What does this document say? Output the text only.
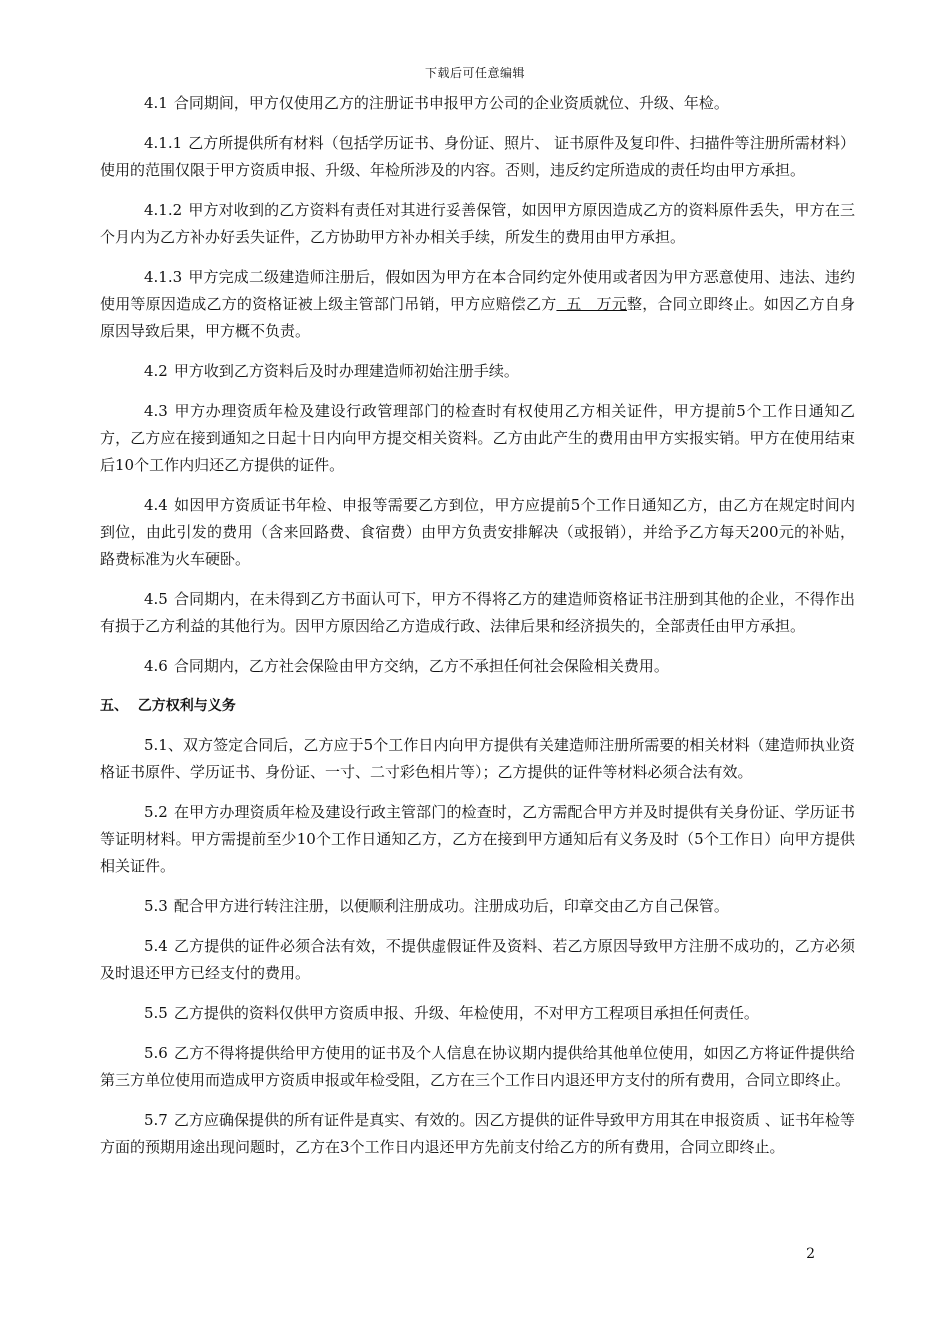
下载后可任意编辑

4.1 合同期间，甲方仅使用乙方的注册证书申报甲方公司的企业资质就位、升级、年检。

4.1.1 乙方所提供所有材料（包括学历证书、身份证、照片、 证书原件及复印件、扫描件等注册所需材料）使用的范围仅限于甲方资质申报、升级、年检所涉及的内容。否则，违反约定所造成的责任均由甲方承担。

4.1.2 甲方对收到的乙方资料有责任对其进行妥善保管，如因甲方原因造成乙方的资料原件丢失，甲方在三个月内为乙方补办好丢失证件，乙方协助甲方补办相关手续，所发生的费用由甲方承担。

4.1.3 甲方完成二级建造师注册后，假如因为甲方在本合同约定外使用或者因为甲方恶意使用、违法、违约使用等原因造成乙方的资格证被上级主管部门吊销，甲方应赔偿乙方  五   万元整，合同立即终止。如因乙方自身原因导致后果，甲方概不负责。

4.2 甲方收到乙方资料后及时办理建造师初始注册手续。

4.3 甲方办理资质年检及建设行政管理部门的检查时有权使用乙方相关证件，甲方提前5个工作日通知乙方，乙方应在接到通知之日起十日内向甲方提交相关资料。乙方由此产生的费用由甲方实报实销。甲方在使用结束后10个工作内归还乙方提供的证件。

4.4 如因甲方资质证书年检、申报等需要乙方到位，甲方应提前5个工作日通知乙方，由乙方在规定时间内到位，由此引发的费用（含来回路费、食宿费）由甲方负责安排解决（或报销），并给予乙方每天200元的补贴，路费标准为火车硬卧。

4.5 合同期内，在未得到乙方书面认可下，甲方不得将乙方的建造师资格证书注册到其他的企业，不得作出有损于乙方利益的其他行为。因甲方原因给乙方造成行政、法律后果和经济损失的，全部责任由甲方承担。

4.6 合同期内，乙方社会保险由甲方交纳，乙方不承担任何社会保险相关费用。

五、  乙方权利与义务

5.1、双方签定合同后，乙方应于5个工作日内向甲方提供有关建造师注册所需要的相关材料（建造师执业资格证书原件、学历证书、身份证、一寸、二寸彩色相片等）；乙方提供的证件等材料必须合法有效。

5.2 在甲方办理资质年检及建设行政主管部门的检查时，乙方需配合甲方并及时提供有关身份证、学历证书等证明材料。甲方需提前至少10个工作日通知乙方，乙方在接到甲方通知后有义务及时（5个工作日）向甲方提供相关证件。

5.3 配合甲方进行转注注册，以便顺利注册成功。注册成功后，印章交由乙方自己保管。

5.4 乙方提供的证件必须合法有效，不提供虚假证件及资料、若乙方原因导致甲方注册不成功的，乙方必须及时退还甲方已经支付的费用。

5.5 乙方提供的资料仅供甲方资质申报、升级、年检使用，不对甲方工程项目承担任何责任。

5.6 乙方不得将提供给甲方使用的证书及个人信息在协议期内提供给其他单位使用，如因乙方将证件提供给第三方单位使用而造成甲方资质申报或年检受阻，乙方在三个工作日内退还甲方支付的所有费用，合同立即终止。

5.7 乙方应确保提供的所有证件是真实、有效的。因乙方提供的证件导致甲方用其在申报资质 、证书年检等方面的预期用途出现问题时，乙方在3个工作日内退还甲方先前支付给乙方的所有费用，合同立即终止。

2
